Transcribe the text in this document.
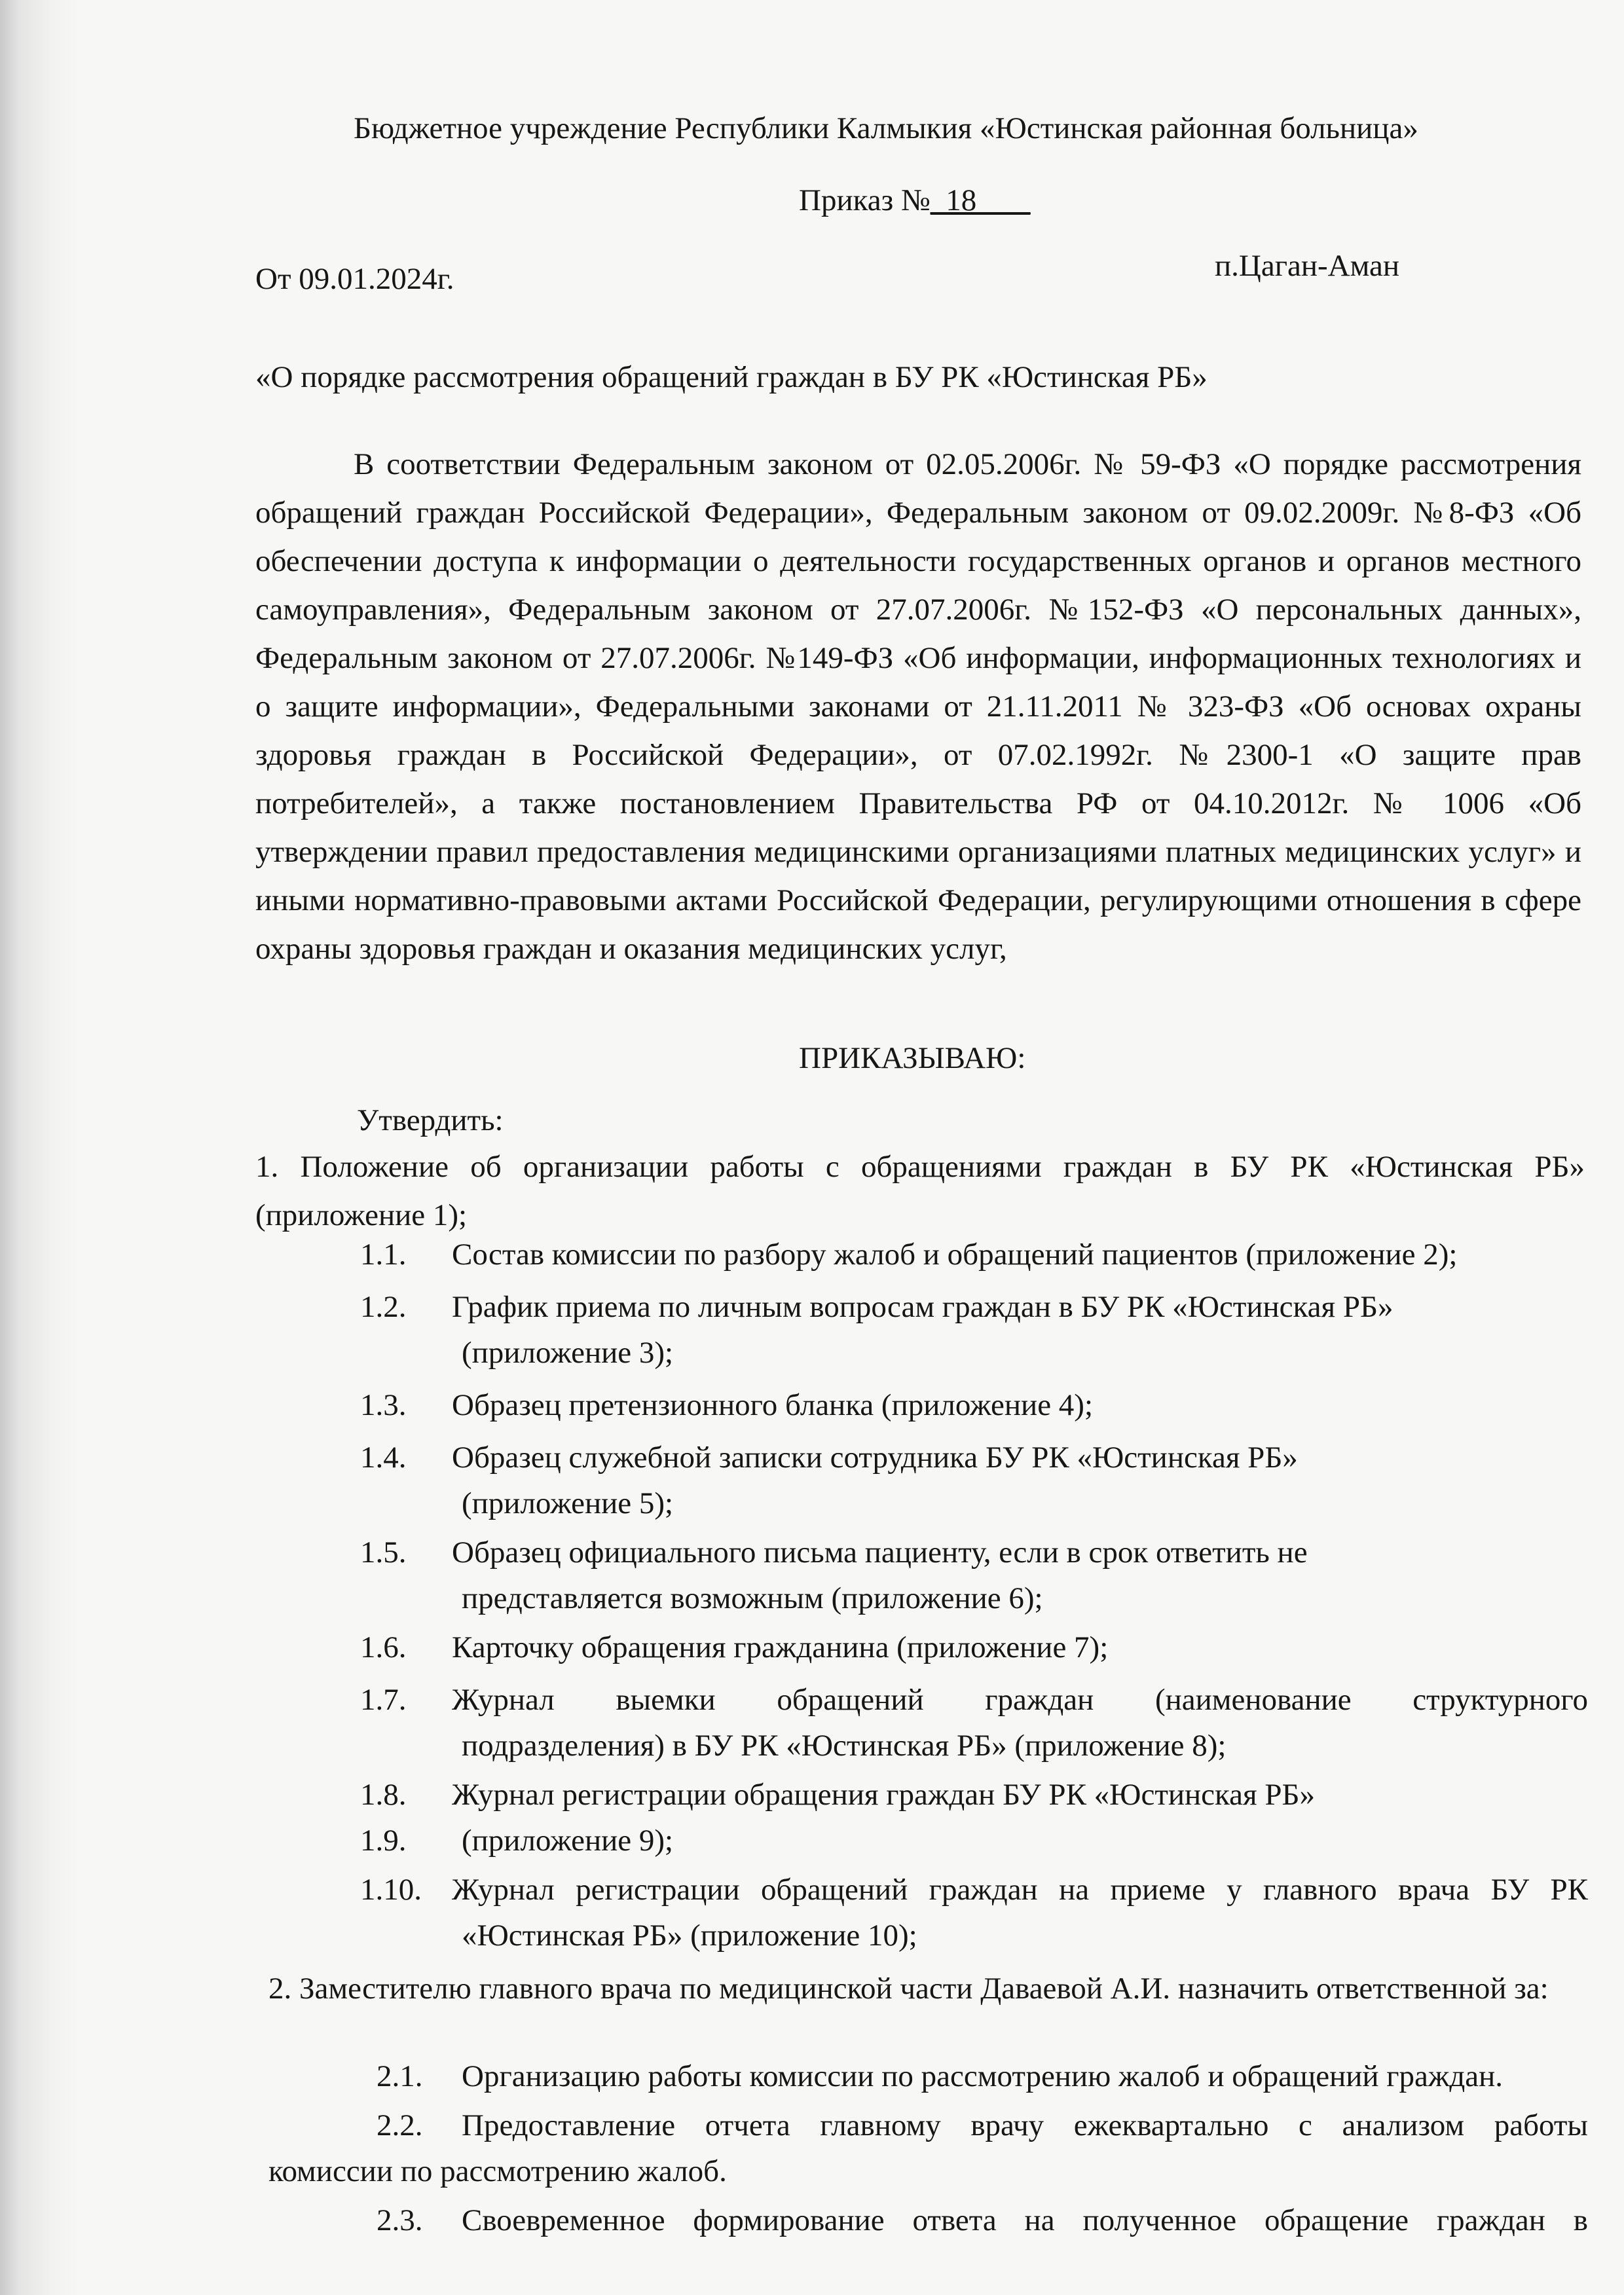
Бюджетное учреждение Республики Калмыкия «Юстинская районная больница»
Приказ №_18_ __
От 09.01.2024г.	п.Цаган-Аман
«О порядке рассмотрения обращений граждан в БУ РК «Юстинская РБ»
В соответствии Федеральным законом от 02.05.2006г. № 59-ФЗ «О порядке рассмотрения обращений граждан Российской Федерации», Федеральным законом от 09.02.2009г. №8-ФЗ «Об обеспечении доступа к информации о деятельности государственных органов и органов местного самоуправления», Федеральным законом от 27.07.2006г. №152-ФЗ «О персональных данных», Федеральным законом от 27.07.2006г. №149-ФЗ «Об информации, информационных технологиях и о защите информации», Федеральными законами от 21.11.2011 № 323-ФЗ «Об основах охраны здоровья граждан в Российской Федерации», от 07.02.1992г. №2300-1 «О защите прав потребителей», а также постановлением Правительства РФ от 04.10.2012г. № 1006 «Об утверждении правил предоставления медицинскими организациями платных медицинских услуг» и иными нормативно-правовыми актами Российской Федерации, регулирующими отношения в сфере охраны здоровья граждан и оказания медицинских услуг,
ПРИКАЗЫВАЮ:
Утвердить:
1. Положение об организации работы с обращениями граждан в БУ РК «Юстинская РБ» (приложение 1);
1.1. Состав комиссии по разбору жалоб и обращений пациентов (приложение 2);
1.2. График приема по личным вопросам граждан в БУ РК «Юстинская РБ»
(приложение 3);
1.3. Образец претензионного бланка (приложение 4);
1.4. Образец служебной записки сотрудника БУ РК «Юстинская РБ»
(приложение 5);
1.5. Образец официального письма пациенту, если в срок ответить не
представляется возможным (приложение 6);
1.6. Карточку обращения гражданина (приложение 7);
1.7. Журнал выемки обращений граждан (наименование структурного
подразделения) в БУ РК «Юстинская РБ» (приложение 8);
1.8. Журнал регистрации обращения граждан БУ РК «Юстинская РБ»
1.9. (приложение 9);
1.10. Журнал регистрации обращений граждан на приеме у главного врача БУ РК
«Юстинская РБ» (приложение 10);
2. Заместителю главного врача по медицинской части Даваевой А.И. назначить ответственной за:
2.1. Организацию работы комиссии по рассмотрению жалоб и обращений граждан.
2.2. Предоставление отчета главному врачу ежеквартально с анализом работы
комиссии по рассмотрению жалоб.
2.3. Своевременное формирование ответа на полученное обращение граждан в
